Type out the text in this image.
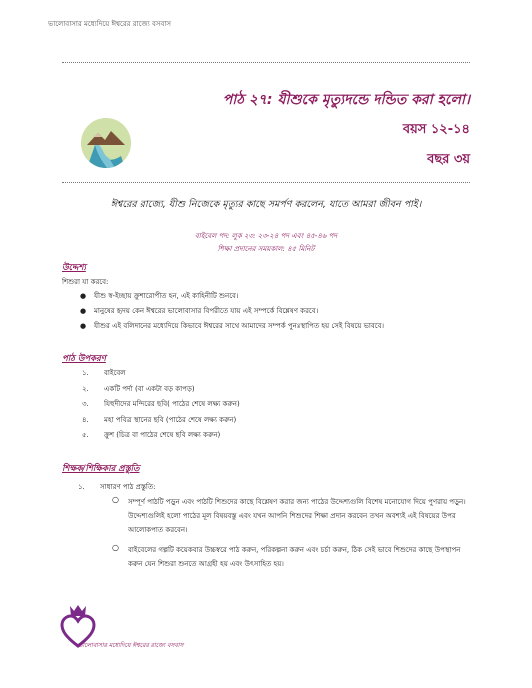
ভালোবাসার মধ্যেদিয়ে ঈশ্বরের রাজ্যে বসবাস
পাঠ ২৭: যীশুকে মৃত্যুদন্ডে দন্ডিত করা হলো।
বয়স ১২-১৪
বছর ৩য়
ঈশ্বরের রাজ্যে, যীশু নিজেকে মৃত্যুর কাছে সমর্পণ করলেন, যাতে আমরা জীবন পাই।
বাইবেল পদ: লুক ২৩: ২৩-২৪ পদ এবং ৪৫-৪৬ পদ
শিক্ষা প্রদানের সময়কাল: ৪৫ মিনিট
উদ্দেশ্য
শিশুরা যা করবে:
● যীশু স্ব-ইচ্ছায় ক্রুশারোপীত হন, এই কাহিনীটি শুনবে।
● মানুষের হৃদয় কেন ঈশ্বরের ভালোবাসার বিপরীতে যায় এই সম্পর্কে বিশ্লেষণ করবে।
● যীশুর এই বলিদানের মধ্যেদিয়ে কিভাবে ঈশ্বরের সাথে আমাদের সম্পর্ক পুনঃস্থাপিত হয় সেই বিষয়ে ভাববে।
পাঠ উপকরণ
১.	বাইবেল
২.	একটি পর্দা (বা একটা বড় কাপড়)
৩.	যিহুদীদের মন্দিরের ছবি( পাঠের শেষে লক্ষ্য করুন)
৪.	মহা পবিত্র স্থানের ছবি (পাঠের শেষে লক্ষ্য করুন)
৫.	ক্রুশ (চিত্র বা পাঠের শেষে ছবি লক্ষ্য করুন)
শিক্ষক/শিক্ষিকার প্রস্তুতি
১. সাধারণ পাঠ প্রস্তুতি:
○ সম্পূর্ণ পাঠটি পড়ুন এবং পাঠটি শিশুদের কাছে বিশ্লেষণ করার জন্য পাঠের উদ্দেশ্যগুলি বিশেষ মনোযোগ দিয়ে পুণরায় পড়ুন। উদ্দেশ্যগুলিই হলো পাঠের মূল বিষয়বস্তু এবং যখন আপনি শিশুদের শিক্ষা প্রদান করবেন তখন অবশ্যই এই বিষয়ের উপর আলোকপাত করবেন।
○ বাইবেলের গল্পটি কয়েকবার উচ্চস্বরে পাঠ করুন, পরিকল্পনা করুন এবং চর্চা করুন, ঠিক সেই ভাবে শিশুদের কাছে উপস্থাপন করুন যেন শিশুরা শুনতে আগ্রহী হয় এবং উৎসাহিত হয়।
ভালোবাসার মধ্যেদিয়ে ঈশ্বরের রাজ্যে বসবাস
